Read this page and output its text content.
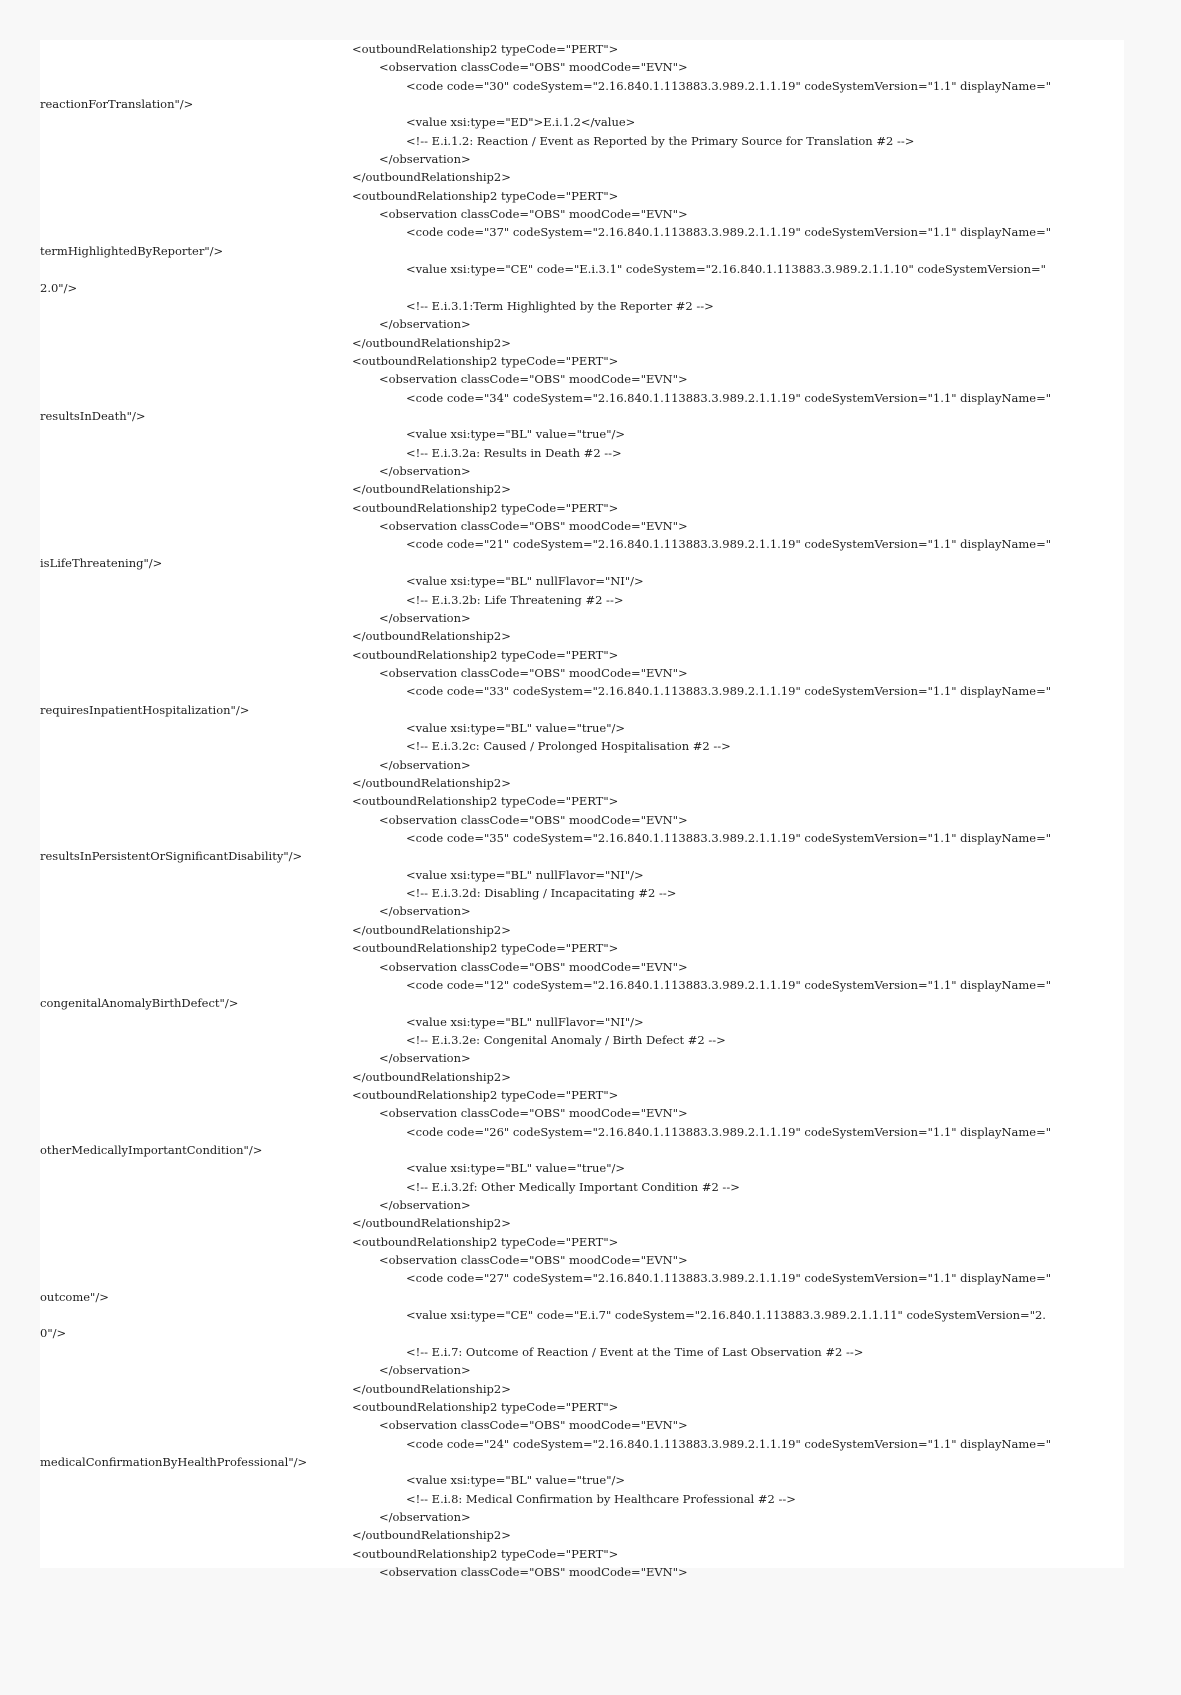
<outboundRelationship2 typeCode="PERT">
<observation classCode="OBS" moodCode="EVN">
<code code="30" codeSystem="2.16.840.1.113883.3.989.2.1.1.19" codeSystemVersion="1.1" displayName="
reactionForTranslation"/>
<value xsi:type="ED">E.i.1.2</value>
<!-- E.i.1.2: Reaction / Event as Reported by the Primary Source for Translation #2 -->
</observation>
</outboundRelationship2>
<outboundRelationship2 typeCode="PERT">
<observation classCode="OBS" moodCode="EVN">
<code code="37" codeSystem="2.16.840.1.113883.3.989.2.1.1.19" codeSystemVersion="1.1" displayName="
termHighlightedByReporter"/>
<value xsi:type="CE" code="E.i.3.1" codeSystem="2.16.840.1.113883.3.989.2.1.1.10" codeSystemVersion="
2.0"/>
<!-- E.i.3.1:Term Highlighted by the Reporter #2 -->
</observation>
</outboundRelationship2>
<outboundRelationship2 typeCode="PERT">
<observation classCode="OBS" moodCode="EVN">
<code code="34" codeSystem="2.16.840.1.113883.3.989.2.1.1.19" codeSystemVersion="1.1" displayName="
resultsInDeath"/>
<value xsi:type="BL" value="true"/>
<!-- E.i.3.2a: Results in Death #2 -->
</observation>
</outboundRelationship2>
<outboundRelationship2 typeCode="PERT">
<observation classCode="OBS" moodCode="EVN">
<code code="21" codeSystem="2.16.840.1.113883.3.989.2.1.1.19" codeSystemVersion="1.1" displayName="
isLifeThreatening"/>
<value xsi:type="BL" nullFlavor="NI"/>
<!-- E.i.3.2b: Life Threatening #2 -->
</observation>
</outboundRelationship2>
<outboundRelationship2 typeCode="PERT">
<observation classCode="OBS" moodCode="EVN">
<code code="33" codeSystem="2.16.840.1.113883.3.989.2.1.1.19" codeSystemVersion="1.1" displayName="
requiresInpatientHospitalization"/>
<value xsi:type="BL" value="true"/>
<!-- E.i.3.2c: Caused / Prolonged Hospitalisation #2 -->
</observation>
</outboundRelationship2>
<outboundRelationship2 typeCode="PERT">
<observation classCode="OBS" moodCode="EVN">
<code code="35" codeSystem="2.16.840.1.113883.3.989.2.1.1.19" codeSystemVersion="1.1" displayName="
resultsInPersistentOrSignificantDisability"/>
<value xsi:type="BL" nullFlavor="NI"/>
<!-- E.i.3.2d: Disabling / Incapacitating #2 -->
</observation>
</outboundRelationship2>
<outboundRelationship2 typeCode="PERT">
<observation classCode="OBS" moodCode="EVN">
<code code="12" codeSystem="2.16.840.1.113883.3.989.2.1.1.19" codeSystemVersion="1.1" displayName="
congenitalAnomalyBirthDefect"/>
<value xsi:type="BL" nullFlavor="NI"/>
<!-- E.i.3.2e: Congenital Anomaly / Birth Defect #2 -->
</observation>
</outboundRelationship2>
<outboundRelationship2 typeCode="PERT">
<observation classCode="OBS" moodCode="EVN">
<code code="26" codeSystem="2.16.840.1.113883.3.989.2.1.1.19" codeSystemVersion="1.1" displayName="
otherMedicallyImportantCondition"/>
<value xsi:type="BL" value="true"/>
<!-- E.i.3.2f: Other Medically Important Condition #2 -->
</observation>
</outboundRelationship2>
<outboundRelationship2 typeCode="PERT">
<observation classCode="OBS" moodCode="EVN">
<code code="27" codeSystem="2.16.840.1.113883.3.989.2.1.1.19" codeSystemVersion="1.1" displayName="
outcome"/>
<value xsi:type="CE" code="E.i.7" codeSystem="2.16.840.1.113883.3.989.2.1.1.11" codeSystemVersion="2.
0"/>
<!-- E.i.7: Outcome of Reaction / Event at the Time of Last Observation #2 -->
</observation>
</outboundRelationship2>
<outboundRelationship2 typeCode="PERT">
<observation classCode="OBS" moodCode="EVN">
<code code="24" codeSystem="2.16.840.1.113883.3.989.2.1.1.19" codeSystemVersion="1.1" displayName="
medicalConfirmationByHealthProfessional"/>
<value xsi:type="BL" value="true"/>
<!-- E.i.8: Medical Confirmation by Healthcare Professional #2 -->
</observation>
</outboundRelationship2>
<outboundRelationship2 typeCode="PERT">
<observation classCode="OBS" moodCode="EVN">
